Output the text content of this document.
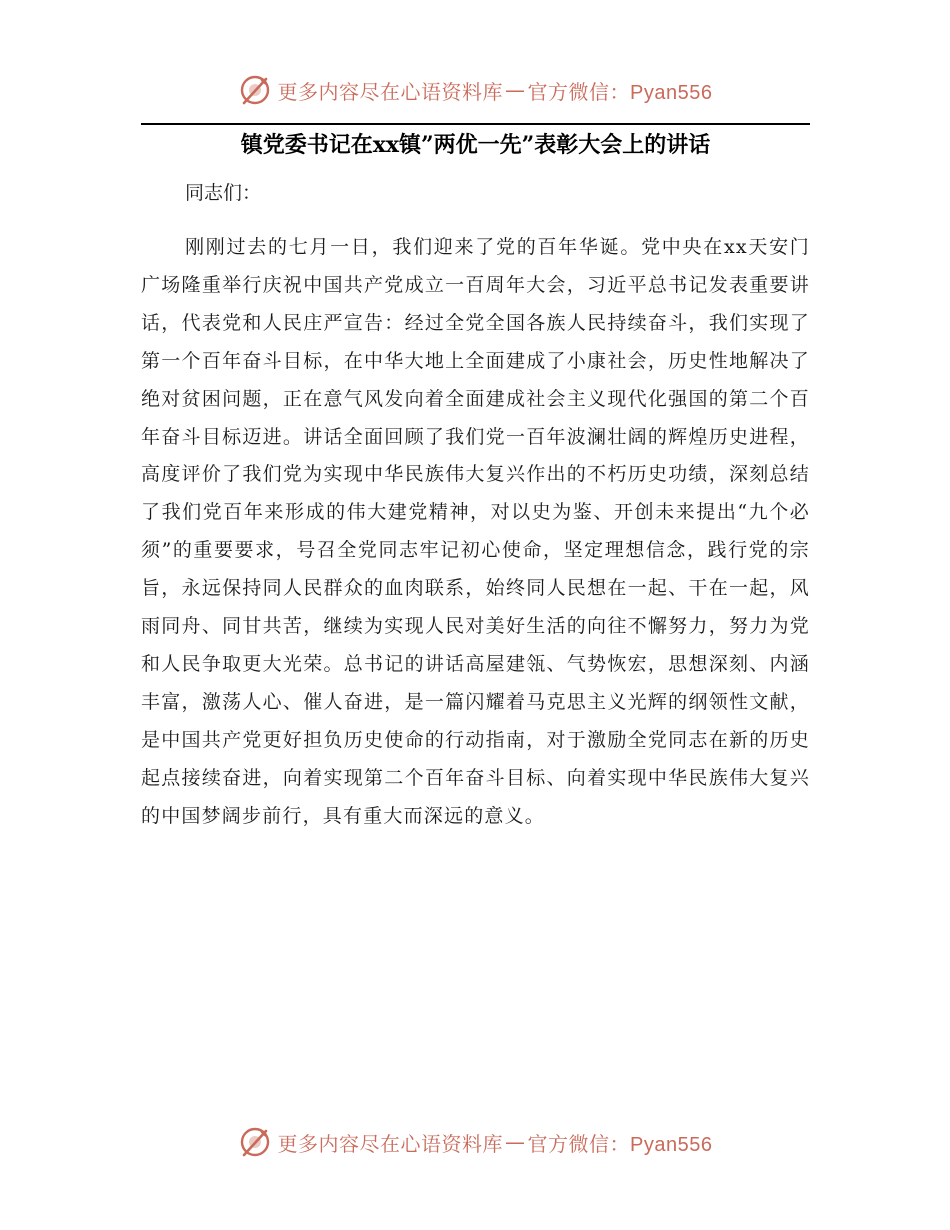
更多内容尽在心语资料库 — 官方微信：Pyan556
镇党委书记在xx镇”两优一先”表彰大会上的讲话
同志们：

刚刚过去的七月一日，我们迎来了党的百年华诞。党中央在xx天安门广场隆重举行庆祝中国共产党成立一百周年大会，习近平总书记发表重要讲话，代表党和人民庄严宣告：经过全党全国各族人民持续奋斗，我们实现了第一个百年奋斗目标，在中华大地上全面建成了小康社会，历史性地解决了绝对贫困问题，正在意气风发向着全面建成社会主义现代化强国的第二个百年奋斗目标迈进。讲话全面回顾了我们党一百年波澜壮阔的辉煌历史进程，高度评价了我们党为实现中华民族伟大复兴作出的不朽历史功绩，深刻总结了我们党百年来形成的伟大建党精神，对以史为鉴、开创未来提出“九个必须”的重要要求，号召全党同志牢记初心使命，坚定理想信念，践行党的宗旨，永远保持同人民群众的血肉联系，始终同人民想在一起、干在一起，风雨同舟、同甘共苦，继续为实现人民对美好生活的向往不懈努力，努力为党和人民争取更大光荣。总书记的讲话高屋建瓴、气势恢宏，思想深刻、内涵丰富，激荡人心、催人奋进，是一篇闪耀着马克思主义光辉的纲领性文献，是中国共产党更好担负历史使命的行动指南，对于激励全党同志在新的历史起点接续奋进，向着实现第二个百年奋斗目标、向着实现中华民族伟大复兴的中国梦阔步前行，具有重大而深远的意义。

更多内容尽在心语资料库 — 官方微信：Pyan556
